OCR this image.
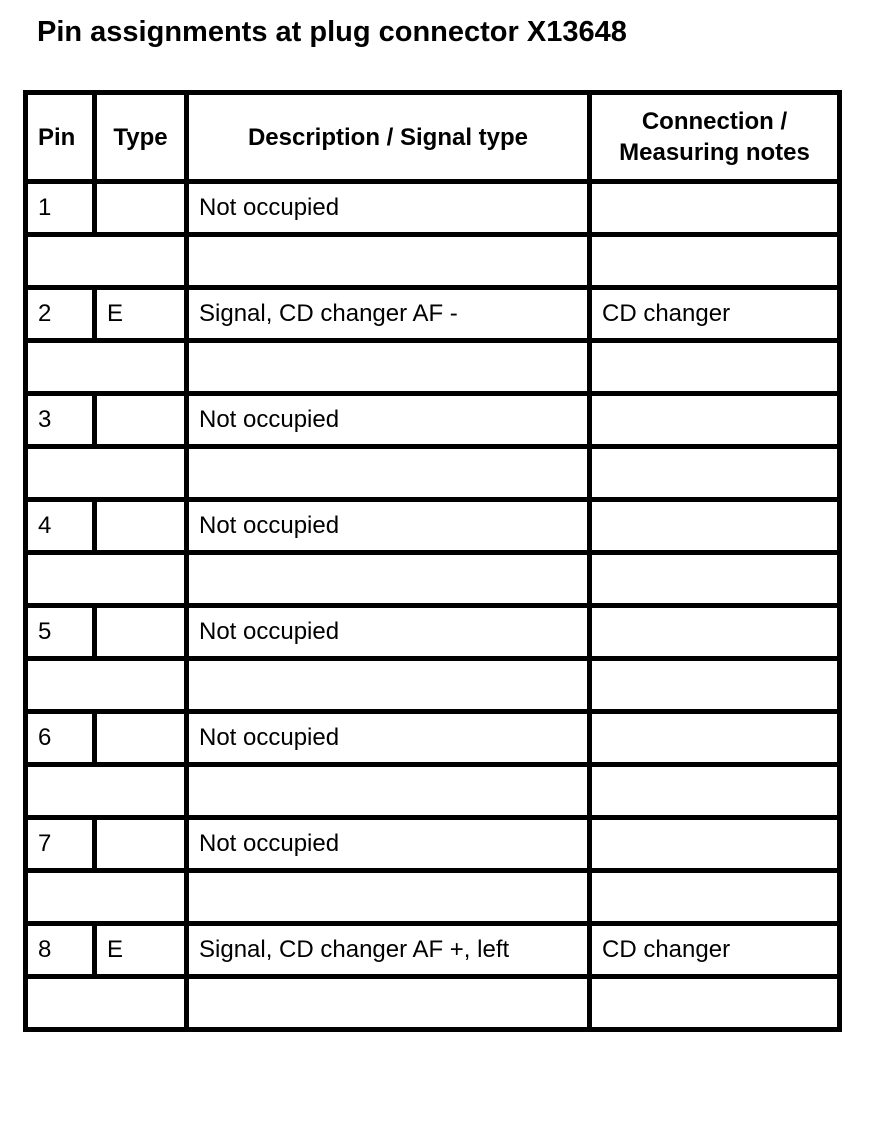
Pin assignments at plug connector X13648
Pin	Type	Description / Signal type	Connection / Measuring notes
1		Not occupied	

2	E	Signal, CD changer AF -	CD changer

3		Not occupied	

4		Not occupied	

5		Not occupied	

6		Not occupied	

7		Not occupied	

8	E	Signal, CD changer AF +, left	CD changer
